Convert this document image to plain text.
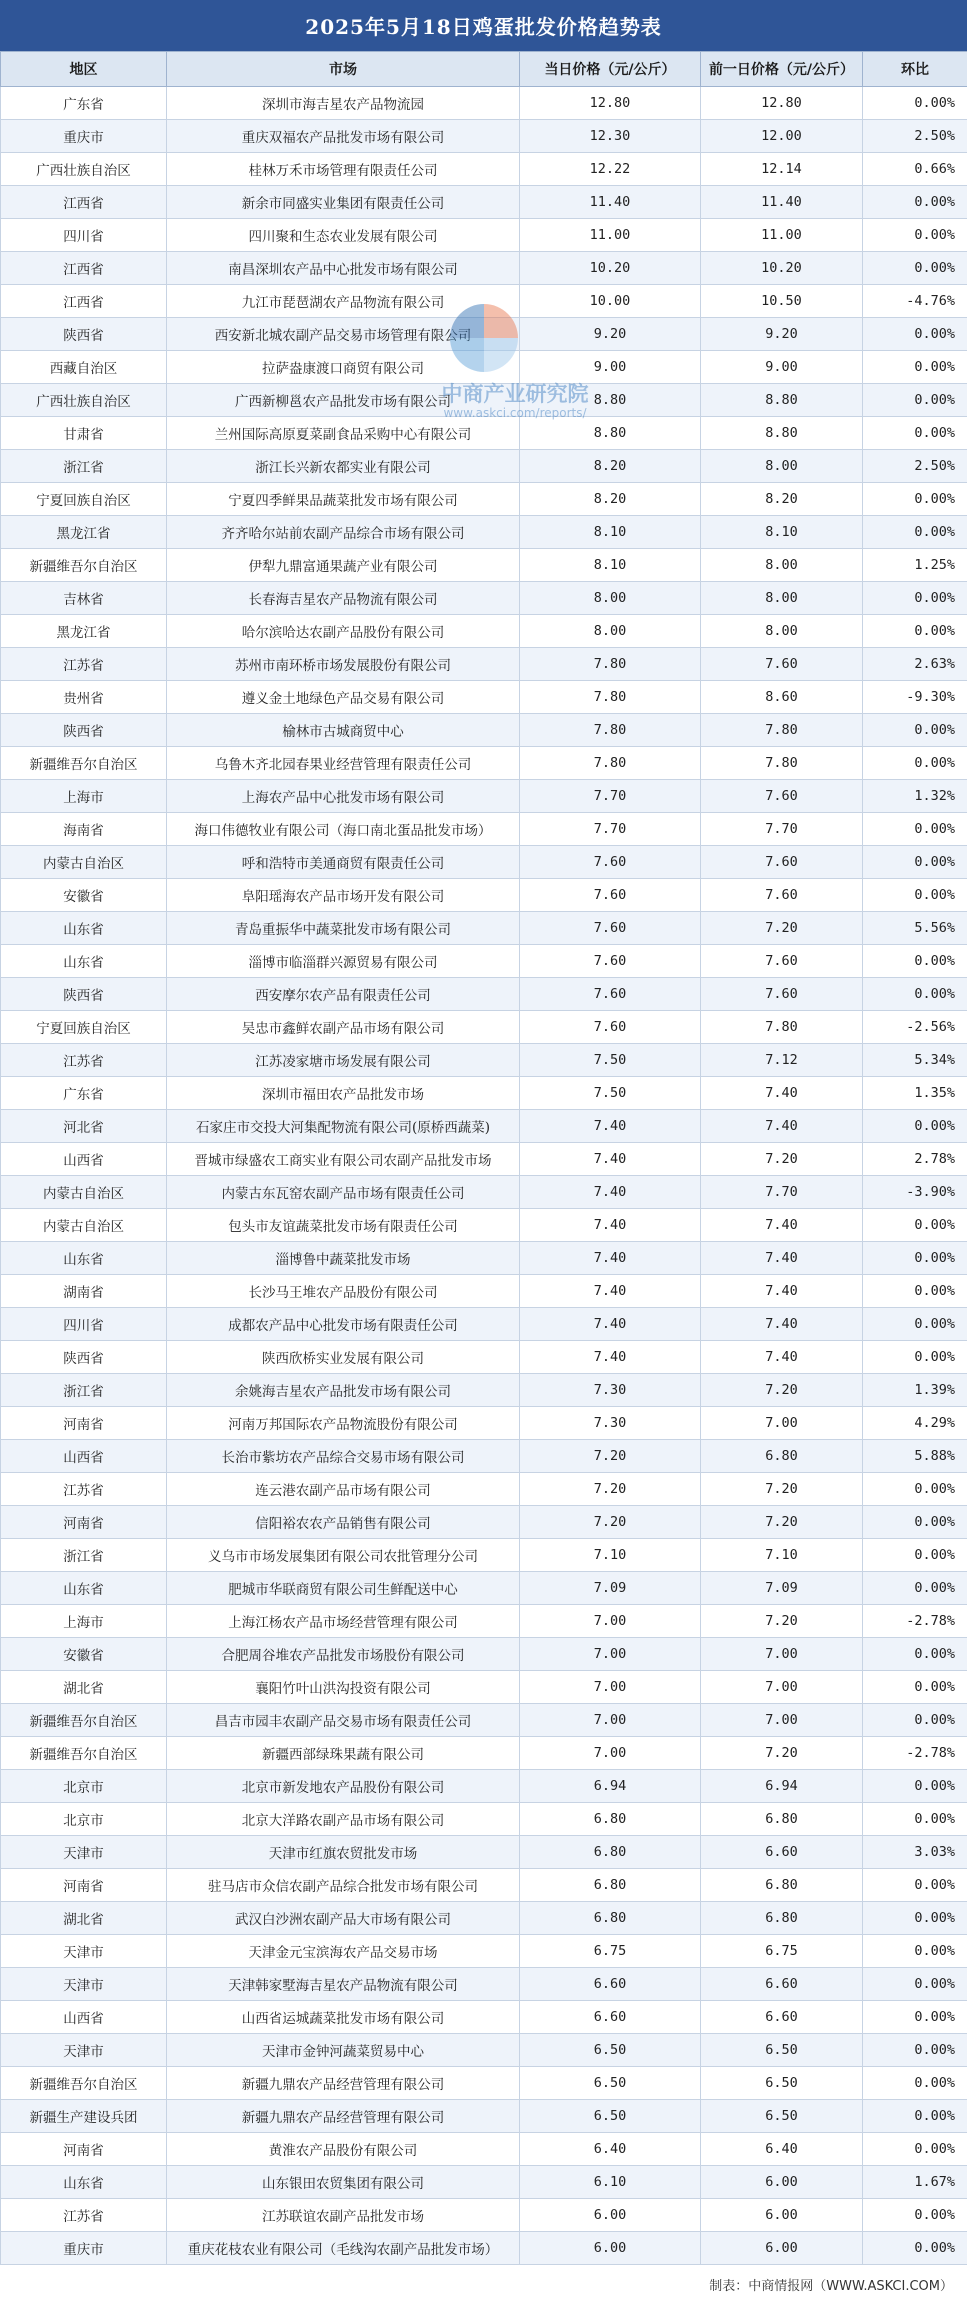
2025年5月18日鸡蛋批发价格趋势表
地区	市场	当日价格（元/公斤）	前一日价格（元/公斤）	环比
广东省	深圳市海吉星农产品物流园	12.80	12.80	0.00%
重庆市	重庆双福农产品批发市场有限公司	12.30	12.00	2.50%
广西壮族自治区	桂林万禾市场管理有限责任公司	12.22	12.14	0.66%
江西省	新余市同盛实业集团有限责任公司	11.40	11.40	0.00%
四川省	四川聚和生态农业发展有限公司	11.00	11.00	0.00%
江西省	南昌深圳农产品中心批发市场有限公司	10.20	10.20	0.00%
江西省	九江市琵琶湖农产品物流有限公司	10.00	10.50	-4.76%
陕西省	西安新北城农副产品交易市场管理有限公司	9.20	9.20	0.00%
西藏自治区	拉萨盎康渡口商贸有限公司	9.00	9.00	0.00%
广西壮族自治区	广西新柳邕农产品批发市场有限公司	8.80	8.80	0.00%
甘肃省	兰州国际高原夏菜副食品采购中心有限公司	8.80	8.80	0.00%
浙江省	浙江长兴新农都实业有限公司	8.20	8.00	2.50%
宁夏回族自治区	宁夏四季鲜果品蔬菜批发市场有限公司	8.20	8.20	0.00%
黑龙江省	齐齐哈尔站前农副产品综合市场有限公司	8.10	8.10	0.00%
新疆维吾尔自治区	伊犁九鼎富通果蔬产业有限公司	8.10	8.00	1.25%
吉林省	长春海吉星农产品物流有限公司	8.00	8.00	0.00%
黑龙江省	哈尔滨哈达农副产品股份有限公司	8.00	8.00	0.00%
江苏省	苏州市南环桥市场发展股份有限公司	7.80	7.60	2.63%
贵州省	遵义金土地绿色产品交易有限公司	7.80	8.60	-9.30%
陕西省	榆林市古城商贸中心	7.80	7.80	0.00%
新疆维吾尔自治区	乌鲁木齐北园春果业经营管理有限责任公司	7.80	7.80	0.00%
上海市	上海农产品中心批发市场有限公司	7.70	7.60	1.32%
海南省	海口伟德牧业有限公司（海口南北蛋品批发市场）	7.70	7.70	0.00%
内蒙古自治区	呼和浩特市美通商贸有限责任公司	7.60	7.60	0.00%
安徽省	阜阳瑶海农产品市场开发有限公司	7.60	7.60	0.00%
山东省	青岛重振华中蔬菜批发市场有限公司	7.60	7.20	5.56%
山东省	淄博市临淄群兴源贸易有限公司	7.60	7.60	0.00%
陕西省	西安摩尔农产品有限责任公司	7.60	7.60	0.00%
宁夏回族自治区	吴忠市鑫鲜农副产品市场有限公司	7.60	7.80	-2.56%
江苏省	江苏凌家塘市场发展有限公司	7.50	7.12	5.34%
广东省	深圳市福田农产品批发市场	7.50	7.40	1.35%
河北省	石家庄市交投大河集配物流有限公司(原桥西蔬菜)	7.40	7.40	0.00%
山西省	晋城市绿盛农工商实业有限公司农副产品批发市场	7.40	7.20	2.78%
内蒙古自治区	内蒙古东瓦窑农副产品市场有限责任公司	7.40	7.70	-3.90%
内蒙古自治区	包头市友谊蔬菜批发市场有限责任公司	7.40	7.40	0.00%
山东省	淄博鲁中蔬菜批发市场	7.40	7.40	0.00%
湖南省	长沙马王堆农产品股份有限公司	7.40	7.40	0.00%
四川省	成都农产品中心批发市场有限责任公司	7.40	7.40	0.00%
陕西省	陕西欣桥实业发展有限公司	7.40	7.40	0.00%
浙江省	余姚海吉星农产品批发市场有限公司	7.30	7.20	1.39%
河南省	河南万邦国际农产品物流股份有限公司	7.30	7.00	4.29%
山西省	长治市紫坊农产品综合交易市场有限公司	7.20	6.80	5.88%
江苏省	连云港农副产品市场有限公司	7.20	7.20	0.00%
河南省	信阳裕农农产品销售有限公司	7.20	7.20	0.00%
浙江省	义乌市市场发展集团有限公司农批管理分公司	7.10	7.10	0.00%
山东省	肥城市华联商贸有限公司生鲜配送中心	7.09	7.09	0.00%
上海市	上海江杨农产品市场经营管理有限公司	7.00	7.20	-2.78%
安徽省	合肥周谷堆农产品批发市场股份有限公司	7.00	7.00	0.00%
湖北省	襄阳竹叶山洪沟投资有限公司	7.00	7.00	0.00%
新疆维吾尔自治区	昌吉市园丰农副产品交易市场有限责任公司	7.00	7.00	0.00%
新疆维吾尔自治区	新疆西部绿珠果蔬有限公司	7.00	7.20	-2.78%
北京市	北京市新发地农产品股份有限公司	6.94	6.94	0.00%
北京市	北京大洋路农副产品市场有限公司	6.80	6.80	0.00%
天津市	天津市红旗农贸批发市场	6.80	6.60	3.03%
河南省	驻马店市众信农副产品综合批发市场有限公司	6.80	6.80	0.00%
湖北省	武汉白沙洲农副产品大市场有限公司	6.80	6.80	0.00%
天津市	天津金元宝滨海农产品交易市场	6.75	6.75	0.00%
天津市	天津韩家墅海吉星农产品物流有限公司	6.60	6.60	0.00%
山西省	山西省运城蔬菜批发市场有限公司	6.60	6.60	0.00%
天津市	天津市金钟河蔬菜贸易中心	6.50	6.50	0.00%
新疆维吾尔自治区	新疆九鼎农产品经营管理有限公司	6.50	6.50	0.00%
新疆生产建设兵团	新疆九鼎农产品经营管理有限公司	6.50	6.50	0.00%
河南省	黄淮农产品股份有限公司	6.40	6.40	0.00%
山东省	山东银田农贸集团有限公司	6.10	6.00	1.67%
江苏省	江苏联谊农副产品批发市场	6.00	6.00	0.00%
重庆市	重庆花枝农业有限公司（毛线沟农副产品批发市场）	6.00	6.00	0.00%
制表：中商情报网（WWW.ASKCI.COM）
中商产业研究院
www.askci.com/reports/
